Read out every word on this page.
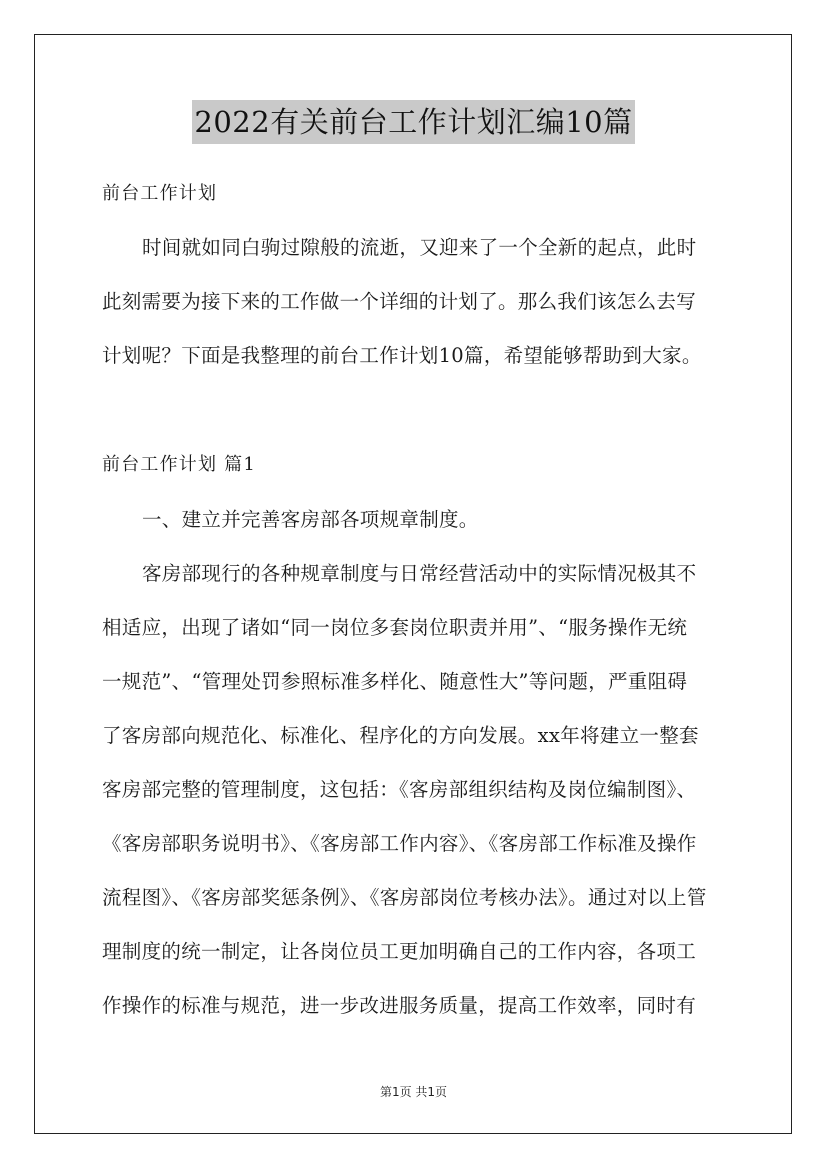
2022有关前台工作计划汇编10篇
前台工作计划
时间就如同白驹过隙般的流逝，又迎来了一个全新的起点，此时
此刻需要为接下来的工作做一个详细的计划了。那么我们该怎么去写
计划呢？下面是我整理的前台工作计划10篇，希望能够帮助到大家。
前台工作计划 篇1
一、建立并完善客房部各项规章制度。
客房部现行的各种规章制度与日常经营活动中的实际情况极其不
相适应，出现了诸如“同一岗位多套岗位职责并用”、“服务操作无统
一规范”、“管理处罚参照标准多样化、随意性大”等问题，严重阻碍
了客房部向规范化、标准化、程序化的方向发展。xx年将建立一整套
客房部完整的管理制度，这包括：《客房部组织结构及岗位编制图》、
《客房部职务说明书》、《客房部工作内容》、《客房部工作标准及操作
流程图》、《客房部奖惩条例》、《客房部岗位考核办法》。通过对以上管
理制度的统一制定，让各岗位员工更加明确自己的工作内容，各项工
作操作的标准与规范，进一步改进服务质量，提高工作效率，同时有
第1页 共1页
